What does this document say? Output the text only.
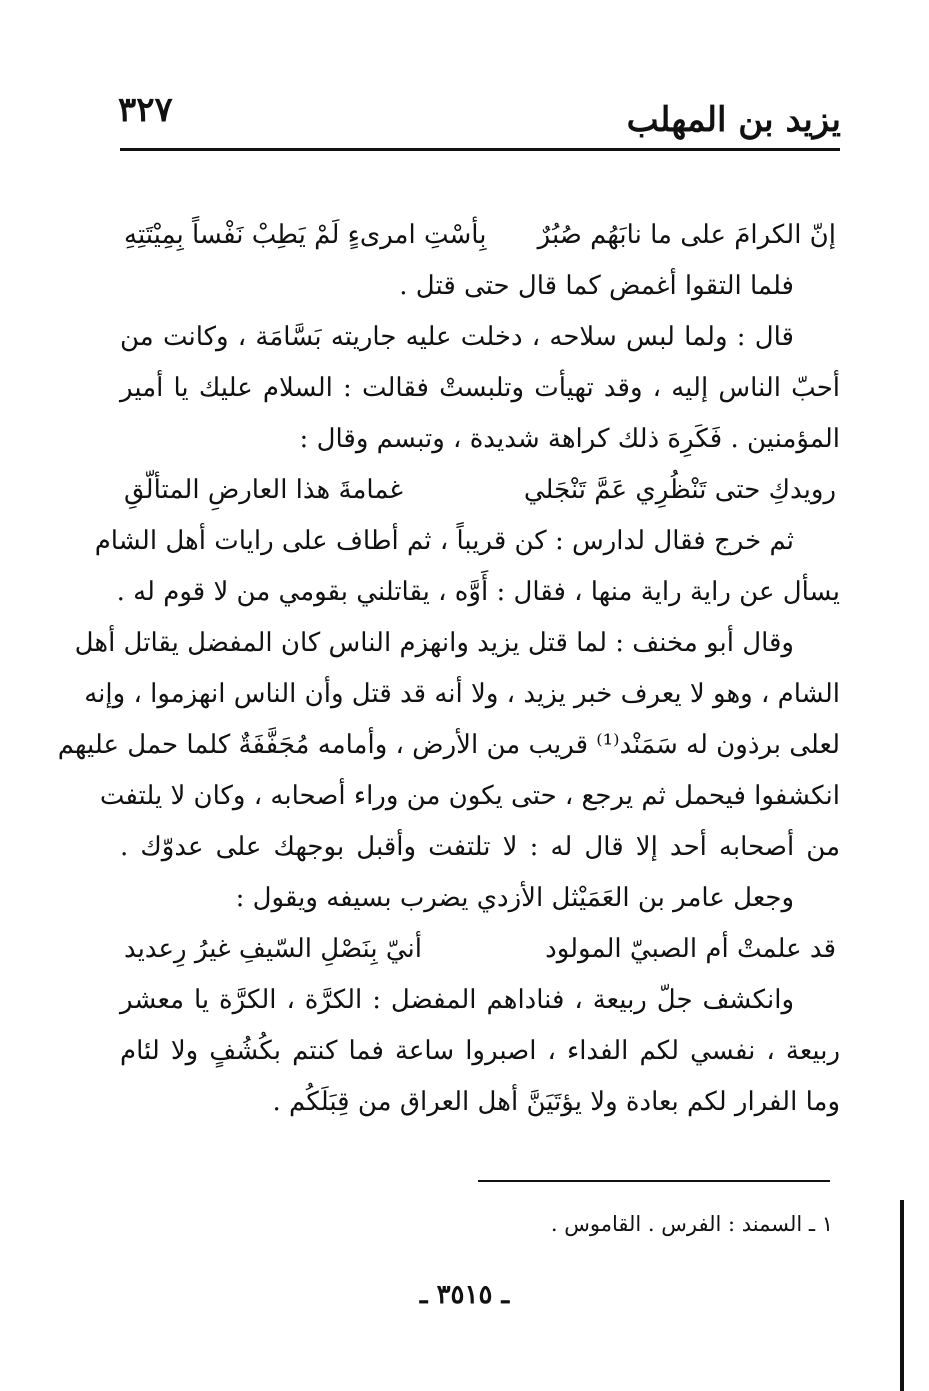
يزيد بن المهلب
٣٢٧
إنّ الكرامَ على ما نابَهُم صُبُرٌ
بِأسْتِ امرىءٍ لَمْ يَطِبْ نَفْساً بِمِيْتَتِهِ
فلما التقوا أغمض كما قال حتى قتل .
قال : ولما لبس سلاحه ، دخلت عليه جاريته بَسَّامَة ، وكانت من
أحبّ الناس إليه ، وقد تهيأت وتلبستْ فقالت : السلام عليك يا أمير
المؤمنين . فَكَرِهَ ذلك كراهة شديدة ، وتبسم وقال :
رويدكِ حتى تَنْظُرِي عَمَّ تَنْجَلي
غمامةَ هذا العارضِ المتألّقِ
ثم خرج فقال لدارس : كن قريباً ، ثم أطاف على رايات أهل الشام
يسأل عن راية راية منها ، فقال : أَوَّه ، يقاتلني بقومي من لا قوم له .
وقال أبو مخنف : لما قتل يزيد وانهزم الناس كان المفضل يقاتل أهل
الشام ، وهو لا يعرف خبر يزيد ، ولا أنه قد قتل وأن الناس انهزموا ، وإنه
لعلى برذون له سَمَنْد⁽¹⁾ قريب من الأرض ، وأمامه مُجَفَّفَةٌ كلما حمل عليهم
انكشفوا فيحمل ثم يرجع ، حتى يكون من وراء أصحابه ، وكان لا يلتفت
من أصحابه أحد إلا قال له : لا تلتفت وأقبل بوجهك على عدوّك .
وجعل عامر بن العَمَيْثل الأزدي يضرب بسيفه ويقول :
قد علمتْ أم الصبيّ المولود
أنيّ بِنَصْلِ السّيفِ غيرُ رِعديد
وانكشف جلّ ربيعة ، فناداهم المفضل : الكرَّة ، الكرَّة يا معشر
ربيعة ، نفسي لكم الفداء ، اصبروا ساعة فما كنتم بكُشُفٍ ولا لئام
وما الفرار لكم بعادة ولا يؤتَيَنَّ أهل العراق من قِبَلَكُم .
١ ـ السمند : الفرس . القاموس .
ـ ٣٥١٥ ـ
